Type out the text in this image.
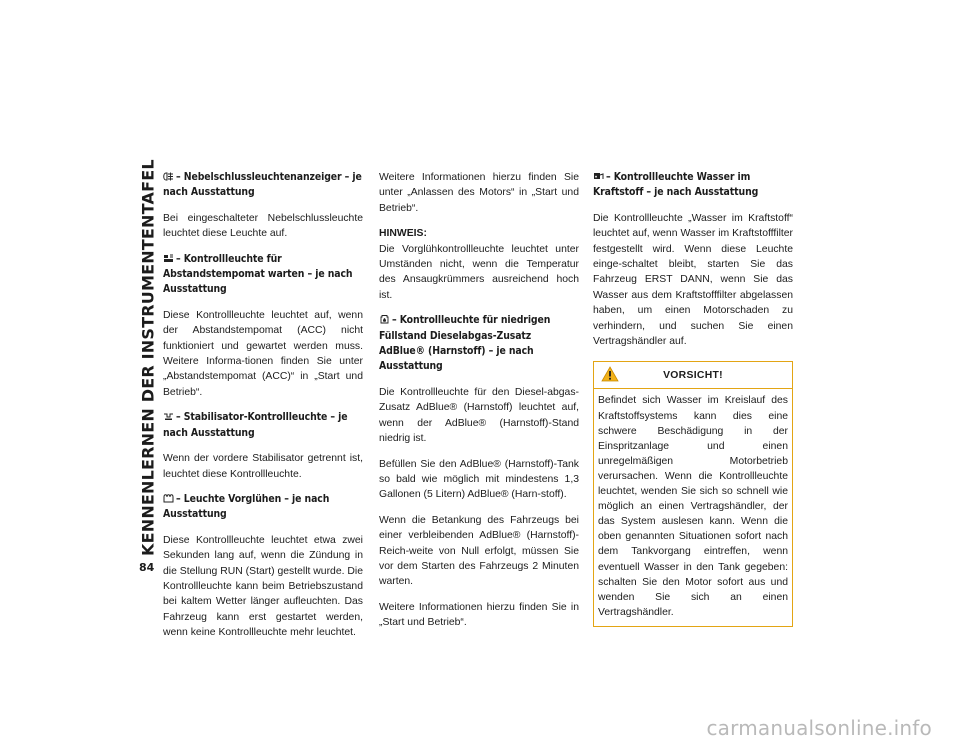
KENNENLERNEN DER INSTRUMENTENTAFEL
84
– Nebelschlussleuchtenanzeiger – je nach Ausstattung

Bei eingeschalteter Nebelschlussleuchte leuchtet diese Leuchte auf.

– Kontrollleuchte für Abstandstempomat warten – je nach Ausstattung

Diese Kontrollleuchte leuchtet auf, wenn der Abstandstempomat (ACC) nicht funktioniert und gewartet werden muss. Weitere Informa-tionen finden Sie unter „Abstandstempomat (ACC)“ in „Start und Betrieb“.

– Stabilisator-Kontrollleuchte – je nach Ausstattung

Wenn der vordere Stabilisator getrennt ist, leuchtet diese Kontrollleuchte.

– Leuchte Vorglühen – je nach Ausstattung

Diese Kontrollleuchte leuchtet etwa zwei Sekunden lang auf, wenn die Zündung in die Stellung RUN (Start) gestellt wurde. Die Kontrollleuchte kann beim Betriebszustand bei kaltem Wetter länger aufleuchten. Das Fahrzeug kann erst gestartet werden, wenn keine Kontrollleuchte mehr leuchtet.

Weitere Informationen hierzu finden Sie unter „Anlassen des Motors“ in „Start und Betrieb“.

HINWEIS:

Die Vorglühkontrollleuchte leuchtet unter Umständen nicht, wenn die Temperatur des Ansaugkrümmers ausreichend hoch ist.

– Kontrollleuchte für niedrigen Füllstand Dieselabgas-Zusatz AdBlue® (Harnstoff) – je nach Ausstattung

Die Kontrollleuchte für den Diesel-abgas-Zusatz AdBlue® (Harnstoff) leuchtet auf, wenn der AdBlue® (Harnstoff)-Stand niedrig ist.

Befüllen Sie den AdBlue® (Harnstoff)-Tank so bald wie möglich mit mindestens 1,3 Gallonen (5 Litern) AdBlue® (Harn-stoff).

Wenn die Betankung des Fahrzeugs bei einer verbleibenden AdBlue® (Harnstoff)-Reich-weite von Null erfolgt, müssen Sie vor dem Starten des Fahrzeugs 2 Minuten warten.

Weitere Informationen hierzu finden Sie in „Start und Betrieb“.

– Kontrollleuchte Wasser im Kraftstoff – je nach Ausstattung

Die Kontrollleuchte „Wasser im Kraftstoff“ leuchtet auf, wenn Wasser im Kraftstofffilter festgestellt wird. Wenn diese Leuchte einge-schaltet bleibt, starten Sie das Fahrzeug ERST DANN, wenn Sie das Wasser aus dem Kraftstofffilter abgelassen haben, um einen Motorschaden zu verhindern, und suchen Sie einen Vertragshändler auf.

VORSICHT!

Befindet sich Wasser im Kreislauf des Kraftstoffsystems kann dies eine schwere Beschädigung in der Einspritzanlage und einen unregelmäßigen Motorbetrieb verursachen. Wenn die Kontrollleuchte leuchtet, wenden Sie sich so schnell wie möglich an einen Vertragshändler, der das System auslesen kann. Wenn die oben genannten Situationen sofort nach dem Tankvorgang eintreffen, wenn eventuell Wasser in den Tank gegeben: schalten Sie den Motor sofort aus und wenden Sie sich an einen Vertragshändler.

carmanualsonline.info
